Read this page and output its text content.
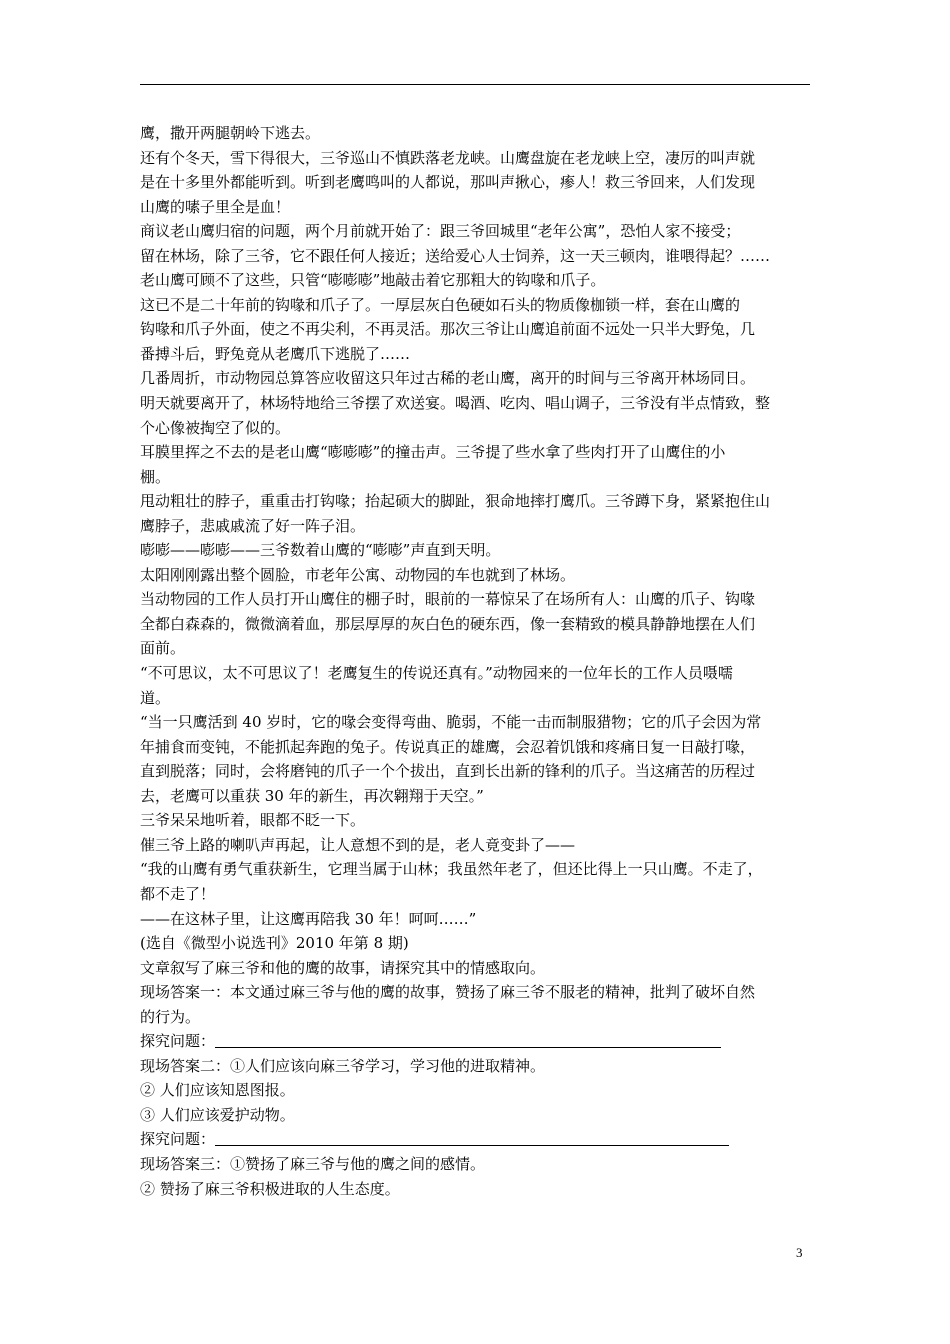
鹰，撒开两腿朝岭下逃去。
还有个冬天，雪下得很大，三爷巡山不慎跌落老龙峡。山鹰盘旋在老龙峡上空，凄厉的叫声就
是在十多里外都能听到。听到老鹰鸣叫的人都说，那叫声揪心，瘆人！救三爷回来，人们发现
山鹰的嗉子里全是血！
商议老山鹰归宿的问题，两个月前就开始了：跟三爷回城里“老年公寓”，恐怕人家不接受；
留在林场，除了三爷，它不跟任何人接近；送给爱心人士饲养，这一天三顿肉，谁喂得起？……
老山鹰可顾不了这些，只管“嘭嘭嘭”地敲击着它那粗大的钩喙和爪子。
这已不是二十年前的钩喙和爪子了。一厚层灰白色硬如石头的物质像枷锁一样，套在山鹰的
钩喙和爪子外面，使之不再尖利，不再灵活。那次三爷让山鹰追前面不远处一只半大野兔，几
番搏斗后，野兔竟从老鹰爪下逃脱了……
几番周折，市动物园总算答应收留这只年过古稀的老山鹰，离开的时间与三爷离开林场同日。
明天就要离开了，林场特地给三爷摆了欢送宴。喝酒、吃肉、唱山调子，三爷没有半点情致，整
个心像被掏空了似的。
耳膜里挥之不去的是老山鹰“嘭嘭嘭”的撞击声。三爷提了些水拿了些肉打开了山鹰住的小
棚。
甩动粗壮的脖子，重重击打钩喙；抬起硕大的脚趾，狠命地摔打鹰爪。三爷蹲下身，紧紧抱住山
鹰脖子，悲戚戚流了好一阵子泪。
嘭嘭——嘭嘭——三爷数着山鹰的“嘭嘭”声直到天明。
太阳刚刚露出整个圆脸，市老年公寓、动物园的车也就到了林场。
当动物园的工作人员打开山鹰住的棚子时，眼前的一幕惊呆了在场所有人：山鹰的爪子、钩喙
全都白森森的，微微滴着血，那层厚厚的灰白色的硬东西，像一套精致的模具静静地摆在人们
面前。
“不可思议，太不可思议了！老鹰复生的传说还真有。”动物园来的一位年长的工作人员嗫嚅
道。
“当一只鹰活到 40 岁时，它的喙会变得弯曲、脆弱，不能一击而制服猎物；它的爪子会因为常
年捕食而变钝，不能抓起奔跑的兔子。传说真正的雄鹰，会忍着饥饿和疼痛日复一日敲打喙，
直到脱落；同时，会将磨钝的爪子一个个拔出，直到长出新的锋利的爪子。当这痛苦的历程过
去，老鹰可以重获 30 年的新生，再次翱翔于天空。”
三爷呆呆地听着，眼都不眨一下。
催三爷上路的喇叭声再起，让人意想不到的是，老人竟变卦了——
“我的山鹰有勇气重获新生，它理当属于山林；我虽然年老了，但还比得上一只山鹰。不走了，
都不走了！
——在这林子里，让这鹰再陪我 30 年！呵呵……”
(选自《微型小说选刊》2010 年第 8 期)
文章叙写了麻三爷和他的鹰的故事，请探究其中的情感取向。
现场答案一：本文通过麻三爷与他的鹰的故事，赞扬了麻三爷不服老的精神，批判了破坏自然
的行为。
探究问题：
现场答案二：①人们应该向麻三爷学习，学习他的进取精神。
② 人们应该知恩图报。
③ 人们应该爱护动物。
探究问题：
现场答案三：①赞扬了麻三爷与他的鹰之间的感情。
② 赞扬了麻三爷积极进取的人生态度。
3
